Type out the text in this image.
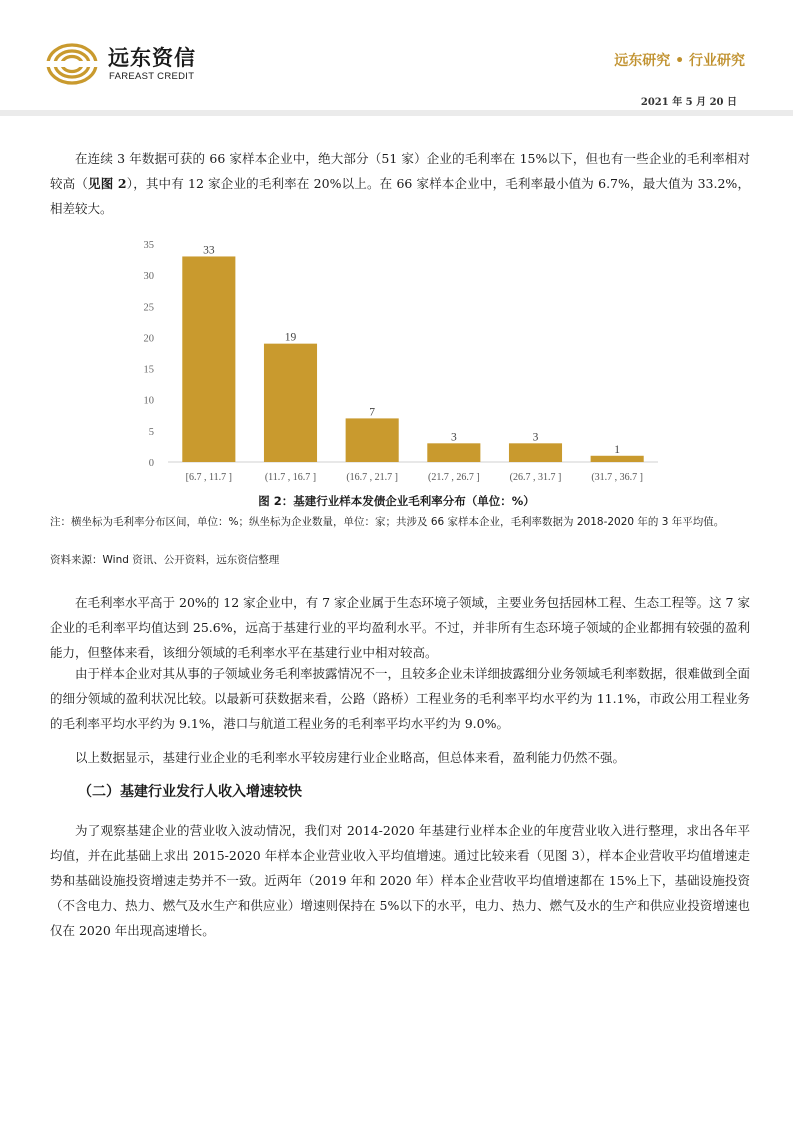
远东资信
FAREAST CREDIT
远东研究 • 行业研究
2021 年 5 月 20 日

在连续 3 年数据可获的 66 家样本企业中，绝大部分（51 家）企业的毛利率在 15%以下，但也有一些企业的毛利率相对较高（见图 2），其中有 12 家企业的毛利率在 20%以上。在 66 家样本企业中，毛利率最小值为 6.7%，最大值为 33.2%，相差较大。

0
5
10
15
20
25
30
35	33
19
7
3	3
1
[6.7 , 11.7 ]	(11.7 , 16.7 ]	(16.7 , 21.7 ]	(21.7 , 26.7 ]	(26.7 , 31.7 ]	(31.7 , 36.7 ]
图 2：基建行业样本发债企业毛利率分布（单位：%）

注：横坐标为毛利率分布区间，单位：%；纵坐标为企业数量，单位：家；共涉及 66 家样本企业，毛利率数据为 2018-2020 年的 3 年平均值。

资料来源：Wind 资讯、公开资料，远东资信整理

在毛利率水平高于 20%的 12 家企业中，有 7 家企业属于生态环境子领域，主要业务包括园林工程、生态工程等。这 7 家企业的毛利率平均值达到 25.6%，远高于基建行业的平均盈利水平。不过，并非所有生态环境子领域的企业都拥有较强的盈利能力，但整体来看，该细分领域的毛利率水平在基建行业中相对较高。

由于样本企业对其从事的子领域业务毛利率披露情况不一，且较多企业未详细披露细分业务领域毛利率数据，很难做到全面的细分领域的盈利状况比较。以最新可获数据来看，公路（路桥）工程业务的毛利率平均水平约为 11.1%，市政公用工程业务的毛利率平均水平约为 9.1%，港口与航道工程业务的毛利率平均水平约为 9.0%。

以上数据显示，基建行业企业的毛利率水平较房建行业企业略高，但总体来看，盈利能力仍然不强。

（二）基建行业发行人收入增速较快

为了观察基建企业的营业收入波动情况，我们对 2014-2020 年基建行业样本企业的年度营业收入进行整理，求出各年平均值，并在此基础上求出 2015-2020 年样本企业营业收入平均值增速。通过比较来看（见图 3），样本企业营收平均值增速走势和基础设施投资增速走势并不一致。近两年（2019 年和 2020 年）样本企业营收平均值增速都在 15%上下，基础设施投资（不含电力、热力、燃气及水生产和供应业）增速则保持在 5%以下的水平，电力、热力、燃气及水的生产和供应业投资增速也仅在 2020 年出现高速增长。
